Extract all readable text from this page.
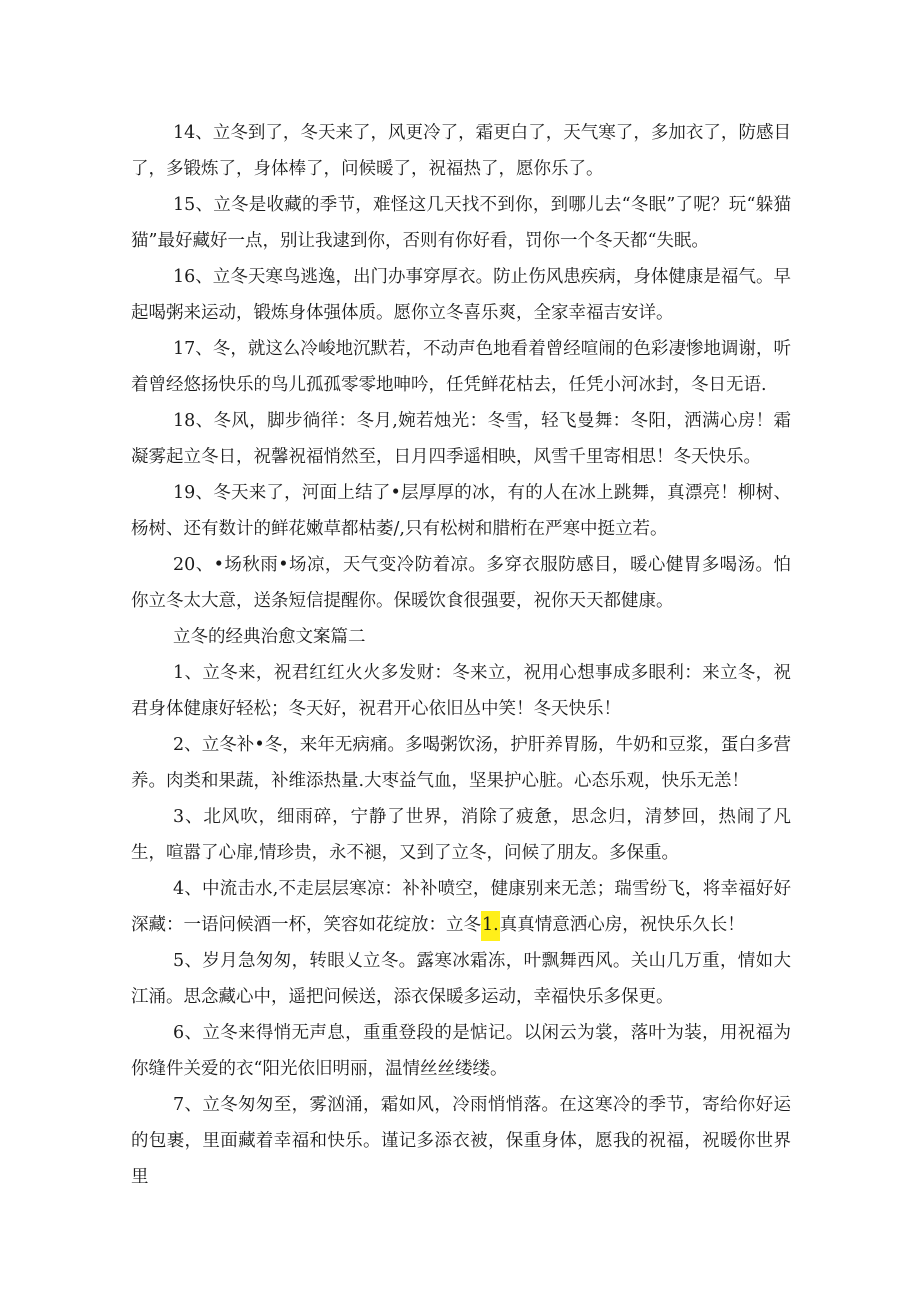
14、立冬到了，冬天来了，风更冷了，霜更白了，天气寒了，多加衣了，防感目了，多锻炼了，身体棒了，问候暖了，祝福热了，愿你乐了。

15、立冬是收藏的季节，难怪这几天找不到你，到哪儿去“冬眠”了呢？玩“躲猫猫”最好藏好一点，别让我逮到你，否则有你好看，罚你一个冬天都“失眠。

16、立冬天寒鸟逃逸，出门办事穿厚衣。防止伤风患疾病，身体健康是福气。早起喝粥来运动，锻炼身体强体质。愿你立冬喜乐爽，全家幸福吉安详。

17、冬，就这么冷峻地沉默若，不动声色地看着曾经喧闹的色彩凄惨地调谢，听着曾经悠扬快乐的鸟儿孤孤零零地呻吟，任凭鲜花枯去，任凭小河冰封，冬日无语.

18、冬风，脚步徜徉：冬月,婉若烛光：冬雪，轻飞曼舞：冬阳，洒满心房！霜凝雾起立冬日，祝馨祝福悄然至，日月四季遥相映，风雪千里寄相思！冬天快乐。

19、冬天来了，河面上结了•层厚厚的冰，有的人在冰上跳舞，真漂亮！柳树、杨树、还有数计的鲜花嫩草都枯萎/,只有松树和腊桁在严寒中挺立若。

20、•场秋雨•场凉，天气变冷防着凉。多穿衣服防感目，暖心健胃多喝汤。怕你立冬太大意，送条短信提醒你。保暖饮食很强要，祝你天天都健康。

立冬的经典治愈文案篇二

1、立冬来，祝君红红火火多发财：冬来立，祝用心想事成多眼利：来立冬，祝君身体健康好轻松；冬天好，祝君开心依旧丛中笑！冬天快乐！

2、立冬补•冬，来年无病痛。多喝粥饮汤，护肝养胃肠，牛奶和豆浆，蛋白多营养。肉类和果蔬，补维添热量.大枣益气血，坚果护心脏。心态乐观，快乐无恙！

3、北风吹，细雨碎，宁静了世界，消除了疲惫，思念归，清梦回，热闹了凡生，喧嚣了心扉,情珍贵，永不褪，又到了立冬，问候了朋友。多保重。

4、中流击水,不走层层寒凉：补补喷空，健康别来无恙；瑞雪纷飞，将幸福好好深藏：一语问候酒一杯，笑容如花绽放：立冬1.真真情意洒心房，祝快乐久长！

5、岁月急匆匆，转眼乂立冬。露寒冰霜冻，叶飘舞西风。关山几万重，情如大江涌。思念藏心中，遥把问候送，添衣保暖多运动，幸福快乐多保更。

6、立冬来得悄无声息，重重登段的是惦记。以闲云为裳，落叶为装，用祝福为你缝件关爱的衣“阳光依旧明丽，温情丝丝缕缕。

7、立冬匆匆至，雾汹涌，霜如风，冷雨悄悄落。在这寒冷的季节，寄给你好运的包裹，里面藏着幸福和快乐。谨记多添衣被，保重身体，愿我的祝福，祝暖你世界里
